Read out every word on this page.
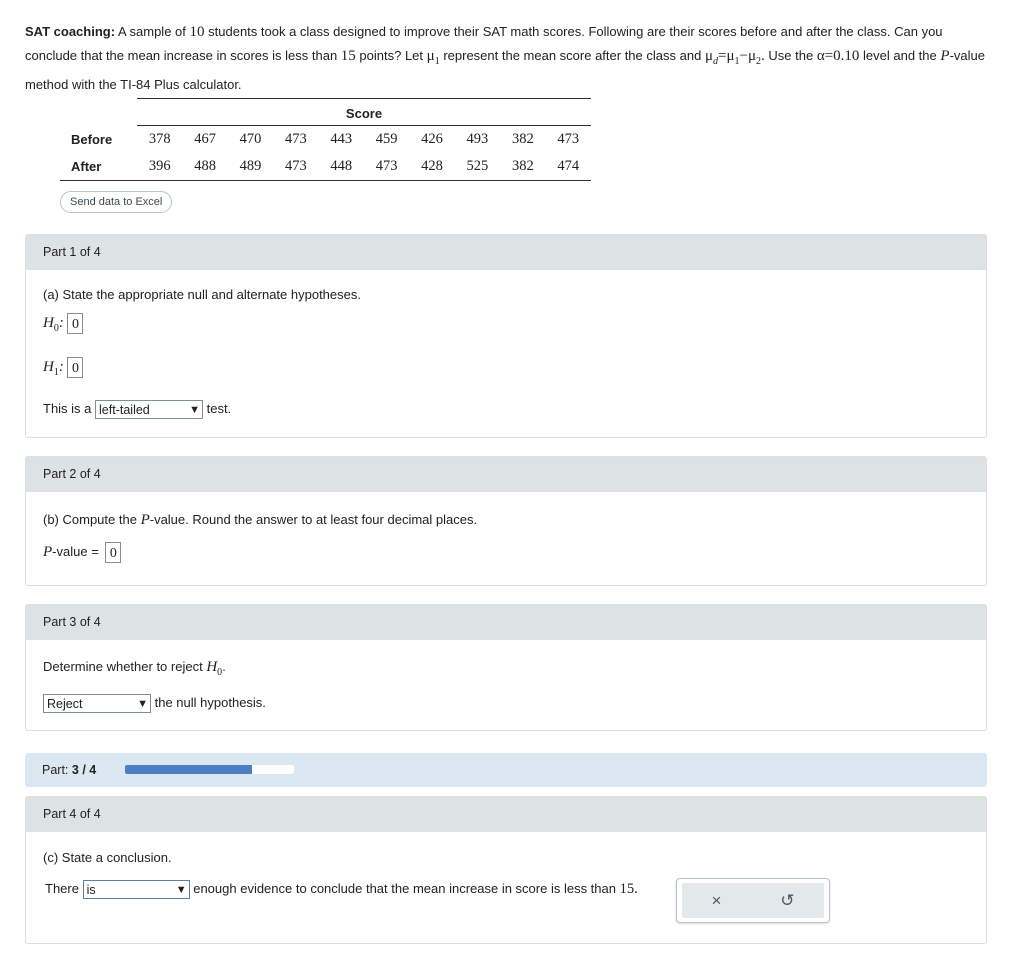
SAT coaching: A sample of 10 students took a class designed to improve their SAT math scores. Following are their scores before and after the class. Can you conclude that the mean increase in scores is less than 15 points? Let $\mu_1$ represent the mean score after the class and $\mu_d=\mu_1-\mu_2$. Use the α=0.10 level and the P-value method with the TI-84 Plus calculator.
	Score									
Before	378	467	470	473	443	459	426	493	382	473
After	396	488	489	473	448	473	428	525	382	474
Send data to Excel
Part 1 of 4
(a) State the appropriate null and alternate hypotheses.
$H_0$: 0
$H_1$: 0
This is a left-tailed	▼ test.
Part 2 of 4
(b) Compute the P-value. Round the answer to at least four decimal places.
P-value = 0
Part 3 of 4
Determine whether to reject $H_0$.
Reject	▼ the null hypothesis.
Part: 3 / 4
Part 4 of 4
(c) State a conclusion.
There is	▼ enough evidence to conclude that the mean increase in score is less than 15.
×	↺
